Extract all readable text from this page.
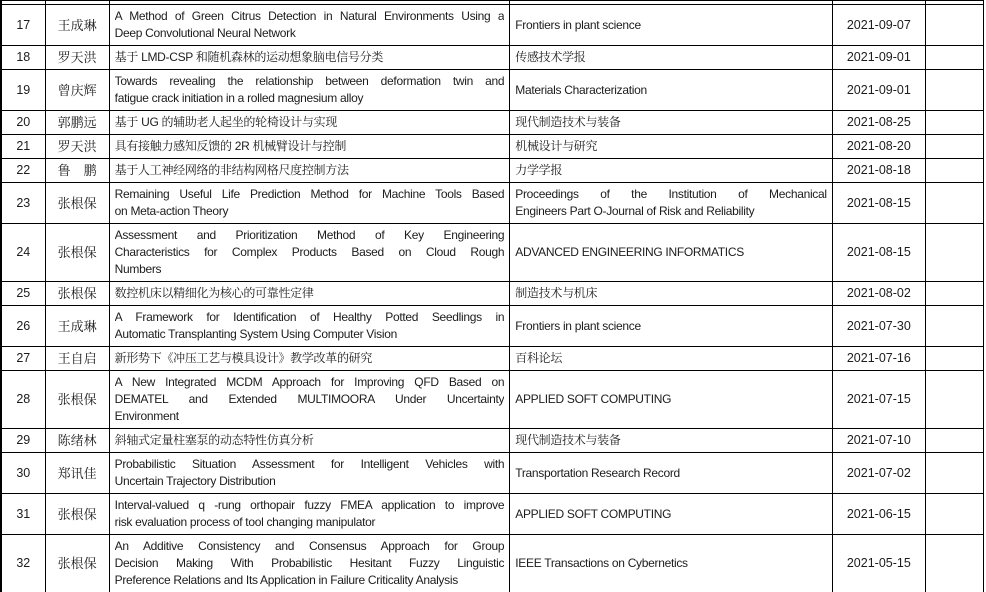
17	王成琳	A Method of Green Citrus Detection in Natural Environments Using a
Deep Convolutional Neural Network	Frontiers in plant science	2021-09-07	
18	罗天洪	基于 LMD-CSP 和随机森林的运动想象脑电信号分类	传感技术学报	2021-09-01	
19	曾庆辉	Towards revealing the relationship between deformation twin and
fatigue crack initiation in a rolled magnesium alloy	Materials Characterization	2021-09-01	
20	郭鹏远	基于 UG 的辅助老人起坐的轮椅设计与实现	现代制造技术与装备	2021-08-25	
21	罗天洪	具有接触力感知反馈的 2R 机械臂设计与控制	机械设计与研究	2021-08-20	
22	鲁　鹏	基于人工神经网络的非结构网格尺度控制方法	力学学报	2021-08-18	
23	张根保	Remaining Useful Life Prediction Method for Machine Tools Based
on Meta-action Theory	Proceedings of the Institution of Mechanical
Engineers Part O-Journal of Risk and Reliability	2021-08-15	
24	张根保	Assessment and Prioritization Method of Key Engineering
Characteristics for Complex Products Based on Cloud Rough
Numbers	ADVANCED ENGINEERING INFORMATICS	2021-08-15	
25	张根保	数控机床以精细化为核心的可靠性定律	制造技术与机床	2021-08-02	
26	王成琳	A Framework for Identification of Healthy Potted Seedlings in
Automatic Transplanting System Using Computer Vision	Frontiers in plant science	2021-07-30	
27	王自启	新形势下《冲压工艺与模具设计》教学改革的研究	百科论坛	2021-07-16	
28	张根保	A New Integrated MCDM Approach for Improving QFD Based on
DEMATEL and Extended MULTIMOORA Under Uncertainty
Environment	APPLIED SOFT COMPUTING	2021-07-15	
29	陈绪林	斜轴式定量柱塞泵的动态特性仿真分析	现代制造技术与装备	2021-07-10	
30	郑讯佳	Probabilistic Situation Assessment for Intelligent Vehicles with
Uncertain Trajectory Distribution	Transportation Research Record	2021-07-02	
31	张根保	Interval-valued q -rung orthopair fuzzy FMEA application to improve
risk evaluation process of tool changing manipulator	APPLIED SOFT COMPUTING	2021-06-15	
32	张根保	An Additive Consistency and Consensus Approach for Group
Decision Making With Probabilistic Hesitant Fuzzy Linguistic
Preference Relations and Its Application in Failure Criticality Analysis	IEEE Transactions on Cybernetics	2021-05-15	
